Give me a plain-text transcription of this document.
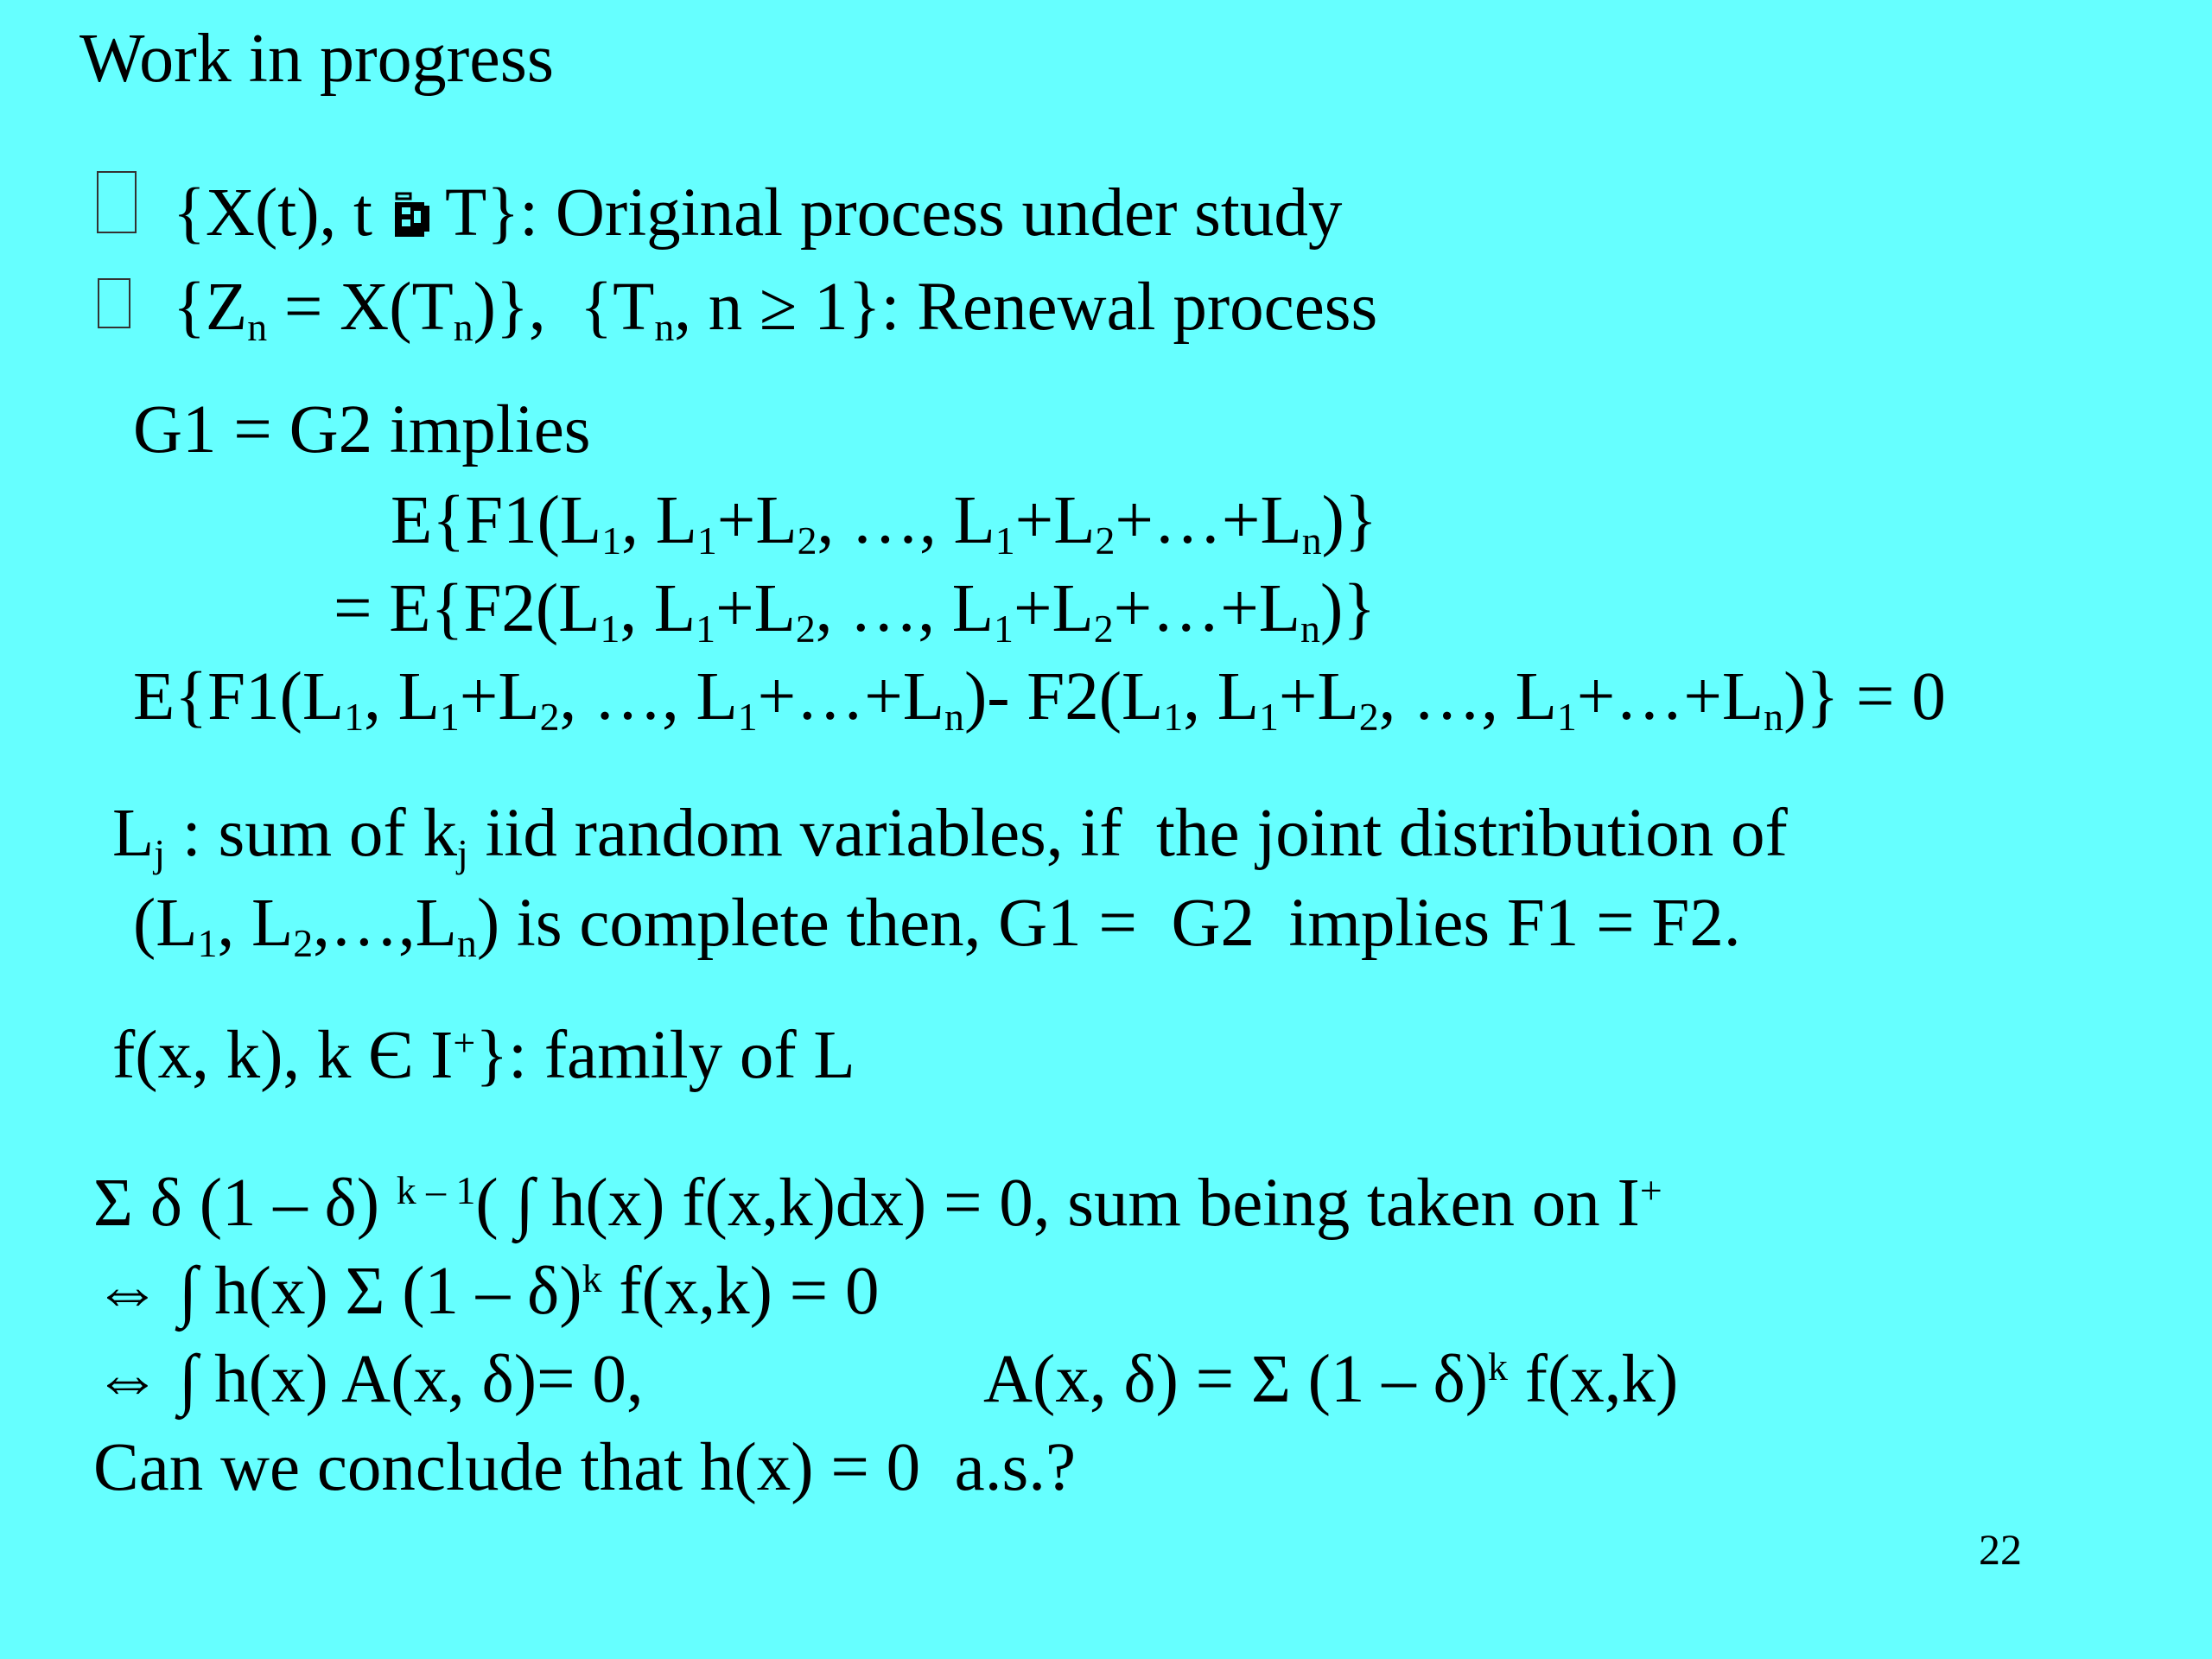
Work in progress
{X(t), t T}: Original process under study
$\{Z_n = X(T_n)\}$,  {$T_n$, n ≥ 1}: Renewal process
G1 = G2 implies
$E\{F1(L_1$, $L_1+L_2$, …, $L_1+L_2+\dots+L_n$)}
= $E\{F2(L_1$, $L_1+L_2$, …, $L_1+L_2+\dots+L_n$)}
$E\{F1(L_1$, $L_1+L_2$, …, $L_1+\dots+L_n)-$ $F2(L_1$, $L_1+L_2$, …, $L_1+\dots+L_n)\} = 0$
$L_j$ : sum of $k_j$ iid random variables, if  the joint distribution of
($L_1$, $L_2,\dots,L_n$) is complete then, G1 =  G2  implies F1 = F2.
f(x, k), k Є I+}: family of L
Σ δ (1 – δ) $^{k - 1}$( ∫ h(x) f(x,k)dx) = 0, sum being taken on I+
⇔ ∫ h(x) Σ (1 – δ)$^k$ f(x,k) = 0
⇔ ∫ h(x) A(x, δ)= 0,	A(x, δ) = Σ (1 – δ)$^k$ f(x,k)
Can we conclude that h(x) = 0  a.s.?
22
